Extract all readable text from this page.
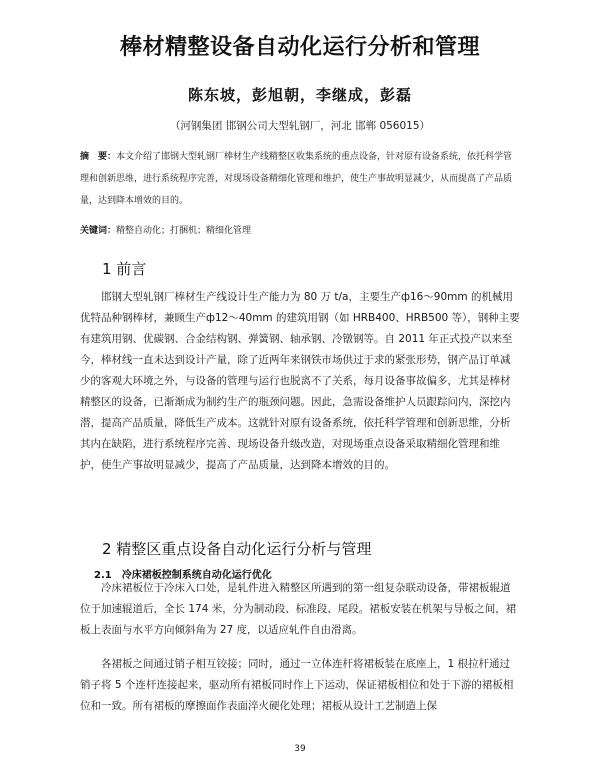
棒材精整设备自动化运行分析和管理
陈东坡，彭旭朝，李继成，彭磊
（河钢集团 邯钢公司大型轧钢厂，河北 邯郸 056015）
摘　要：本文介绍了邯钢大型轧钢厂棒材生产线精整区收集系统的重点设备，针对原有设备系统，依托科学管理和创新思维，进行系统程序完善，对现场设备精细化管理和维护，使生产事故明显减少，从而提高了产品质量，达到降本增效的目的。
关键词：精整自动化；打捆机；精细化管理
1 前言
邯钢大型轧钢厂棒材生产线设计生产能力为 80 万 t/a，主要生产ф16～90mm 的机械用优特品种钢棒材，兼顾生产ф12～40mm 的建筑用钢（如 HRB400、HRB500 等），钢种主要有建筑用钢、优碳钢、合金结构钢、弹簧钢、轴承钢、冷镦钢等。自 2011 年正式投产以来至今，棒材线一直未达到设计产量，除了近两年来钢铁市场供过于求的紧张形势，钢产品订单减少的客观大环境之外，与设备的管理与运行也脱离不了关系，每月设备事故偏多，尤其是棒材精整区的设备，已渐渐成为制约生产的瓶颈问题。因此，急需设备维护人员跟踪问内，深挖内潜，提高产品质量，降低生产成本。这就针对原有设备系统，依托科学管理和创新思维，分析其内在缺陷，进行系统程序完善、现场设备升级改造，对现场重点设备采取精细化管理和维护，使生产事故明显减少，提高了产品质量，达到降本增效的目的。
2 精整区重点设备自动化运行分析与管理
2.1　冷床裙板控制系统自动化运行优化
冷床裙板位于冷床入口处，是轧件进入精整区所遇到的第一组复杂联动设备，带裙板辊道位于加速辊道后，全长 174 米，分为制动段、标准段、尾段。裙板安装在机架与导板之间，裙板上表面与水平方向倾斜角为 27 度，以适应轧件自由滑离。
各裙板之间通过销子相互铰接；同时，通过一立体连杆将裙板装在底座上，1 根拉杆通过销子将 5 个连杆连接起来，驱动所有裙板同时作上下运动，保证裙板相位和处于下游的裙板相位和一致。所有裙板的摩擦面作表面淬火硬化处理；裙板从设计工艺制造上保
39
